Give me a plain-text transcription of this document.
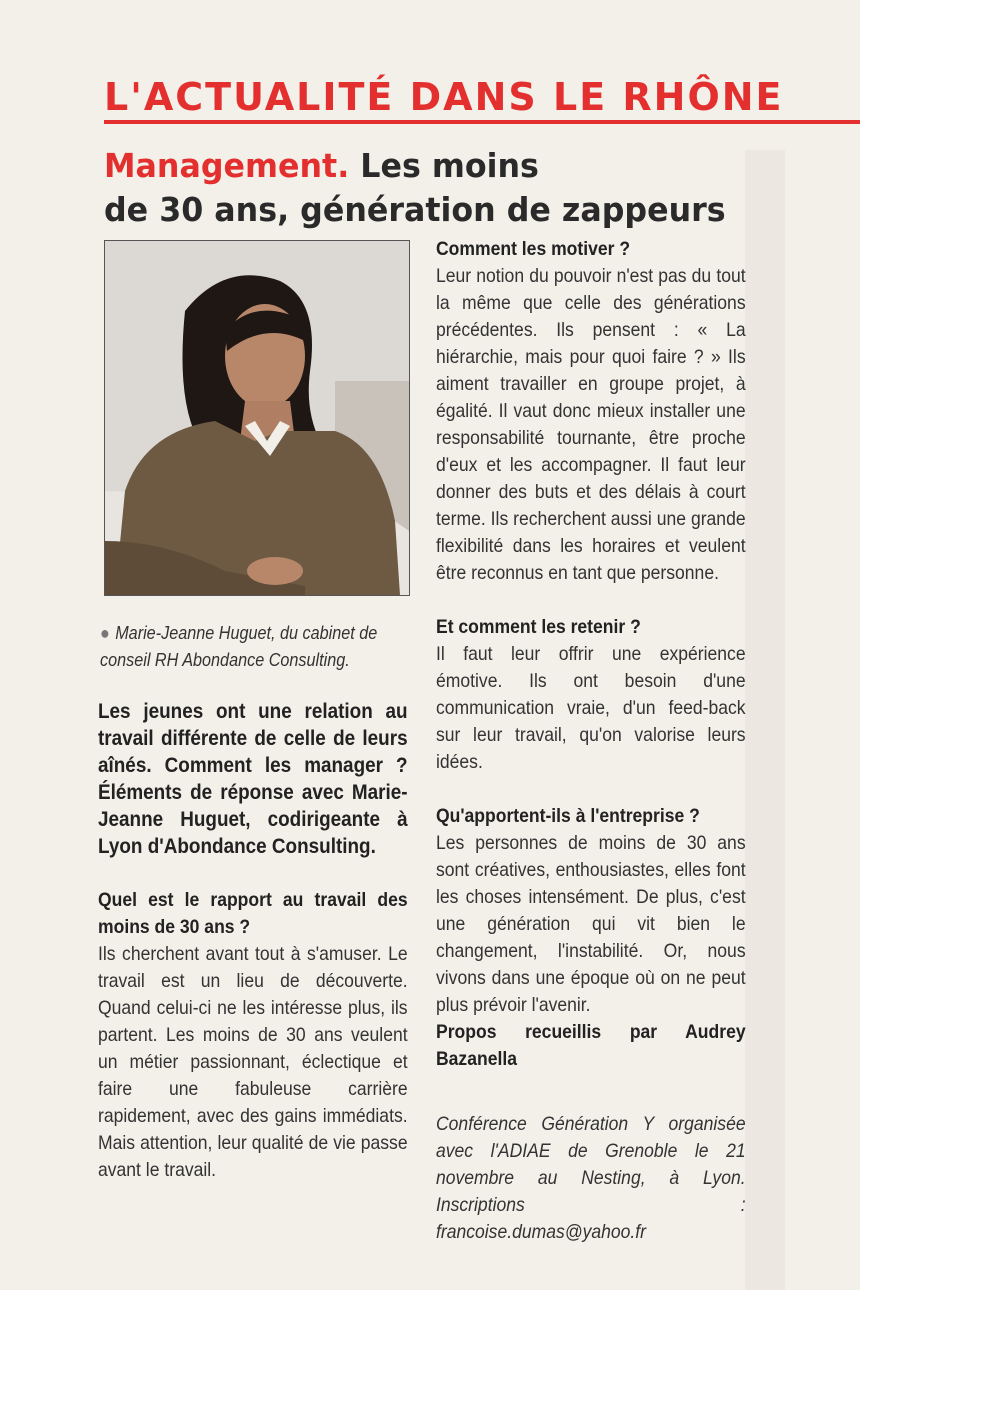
L'ACTUALITÉ DANS LE RHÔNE
Management. Les moins
de 30 ans, génération de zappeurs
● Marie-Jeanne Huguet, du cabinet de conseil RH Abondance Consulting.

Les jeunes ont une relation au travail différente de celle de leurs aînés. Comment les manager ? Éléments de réponse avec Marie-Jeanne Huguet, codirigeante à Lyon d'Abondance Consulting.

Quel est le rapport au travail des moins de 30 ans ?

Ils cherchent avant tout à s'amuser. Le travail est un lieu de découverte. Quand celui-ci ne les intéresse plus, ils partent. Les moins de 30 ans veulent un métier passionnant, éclectique et faire une fabuleuse carrière rapidement, avec des gains immédiats. Mais attention, leur qualité de vie passe avant le travail.

Comment les motiver ?

Leur notion du pouvoir n'est pas du tout la même que celle des générations précédentes. Ils pensent : « La hiérarchie, mais pour quoi faire ? » Ils aiment travailler en groupe projet, à égalité. Il vaut donc mieux installer une responsabilité tournante, être proche d'eux et les accompagner. Il faut leur donner des buts et des délais à court terme. Ils recherchent aussi une grande flexibilité dans les horaires et veulent être reconnus en tant que personne.

Et comment les retenir ?

Il faut leur offrir une expérience émotive. Ils ont besoin d'une communication vraie, d'un feed-back sur leur travail, qu'on valorise leurs idées.

Qu'apportent-ils à l'entreprise ?

Les personnes de moins de 30 ans sont créatives, enthousiastes, elles font les choses intensément. De plus, c'est une génération qui vit bien le changement, l'instabilité. Or, nous vivons dans une époque où on ne peut plus prévoir l'avenir.

Propos recueillis par Audrey Bazanella

Conférence Génération Y organisée avec l'ADIAE de Grenoble le 21 novembre au Nesting, à Lyon. Inscriptions : francoise.dumas@yahoo.fr
